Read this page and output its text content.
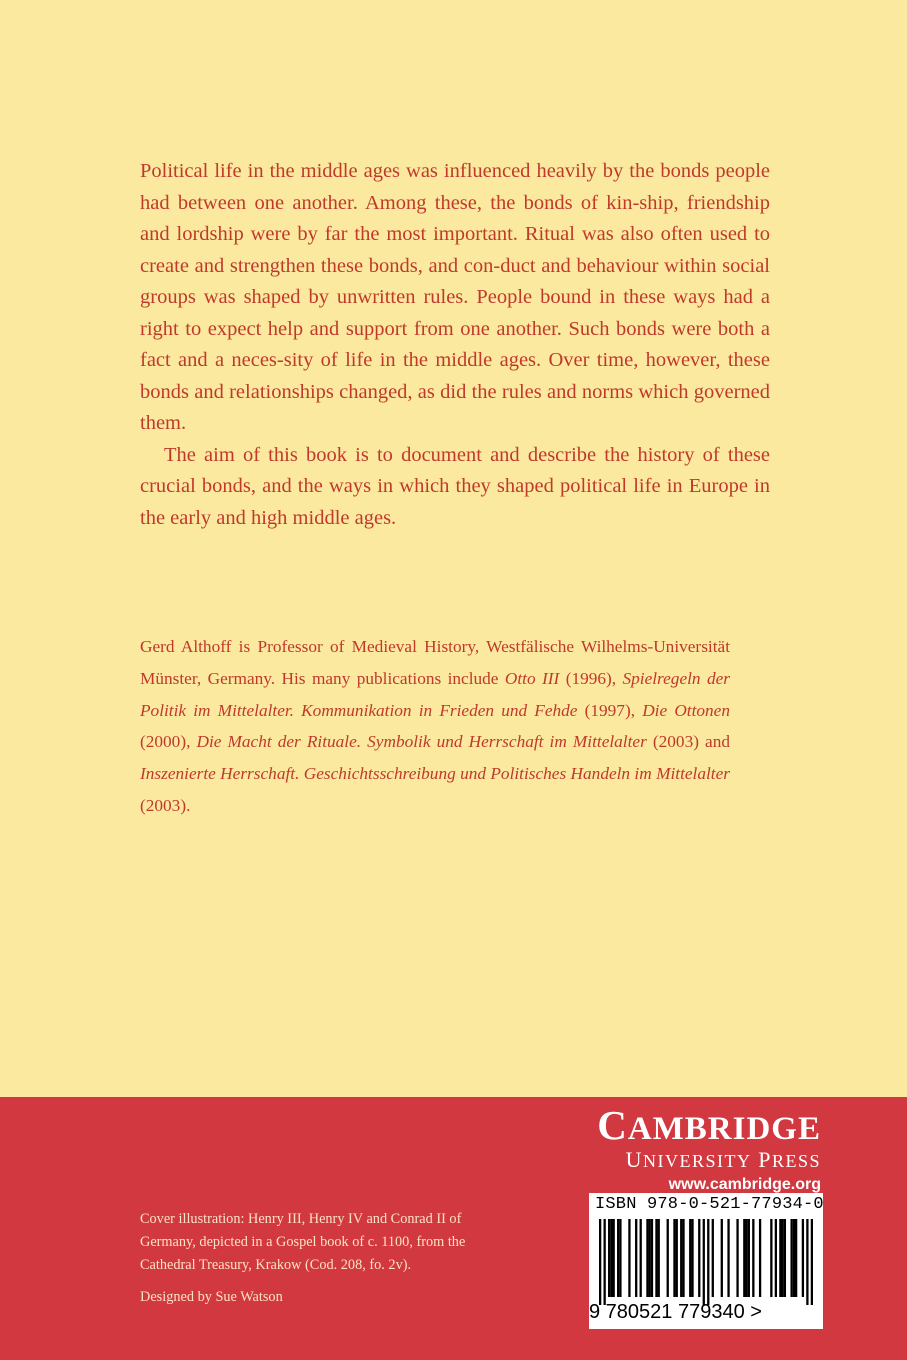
Political life in the middle ages was influenced heavily by the bonds people had between one another. Among these, the bonds of kin-ship, friendship and lordship were by far the most important. Ritual was also often used to create and strengthen these bonds, and con-duct and behaviour within social groups was shaped by unwritten rules. People bound in these ways had a right to expect help and support from one another. Such bonds were both a fact and a neces-sity of life in the middle ages. Over time, however, these bonds and relationships changed, as did the rules and norms which governed them.

The aim of this book is to document and describe the history of these crucial bonds, and the ways in which they shaped political life in Europe in the early and high middle ages.

Gerd Althoff is Professor of Medieval History, Westfälische Wilhelms-Universität Münster, Germany. His many publications include Otto III (1996), Spielregeln der Politik im Mittelalter. Kommunikation in Frieden und Fehde (1997), Die Ottonen (2000), Die Macht der Rituale. Symbolik und Herrschaft im Mittelalter (2003) and Inszenierte Herrschaft. Geschichtsschreibung und Politisches Handeln im Mittelalter (2003).
Cover illustration: Henry III, Henry IV and Conrad II of
Germany, depicted in a Gospel book of c. 1100, from the
Cathedral Treasury, Krakow (Cod. 208, fo. 2v).
Designed by Sue Watson
CAMBRIDGE
UNIVERSITY PRESS
www.cambridge.org
ISBN 978-0-521-77934-0
9 780521 779340 >
